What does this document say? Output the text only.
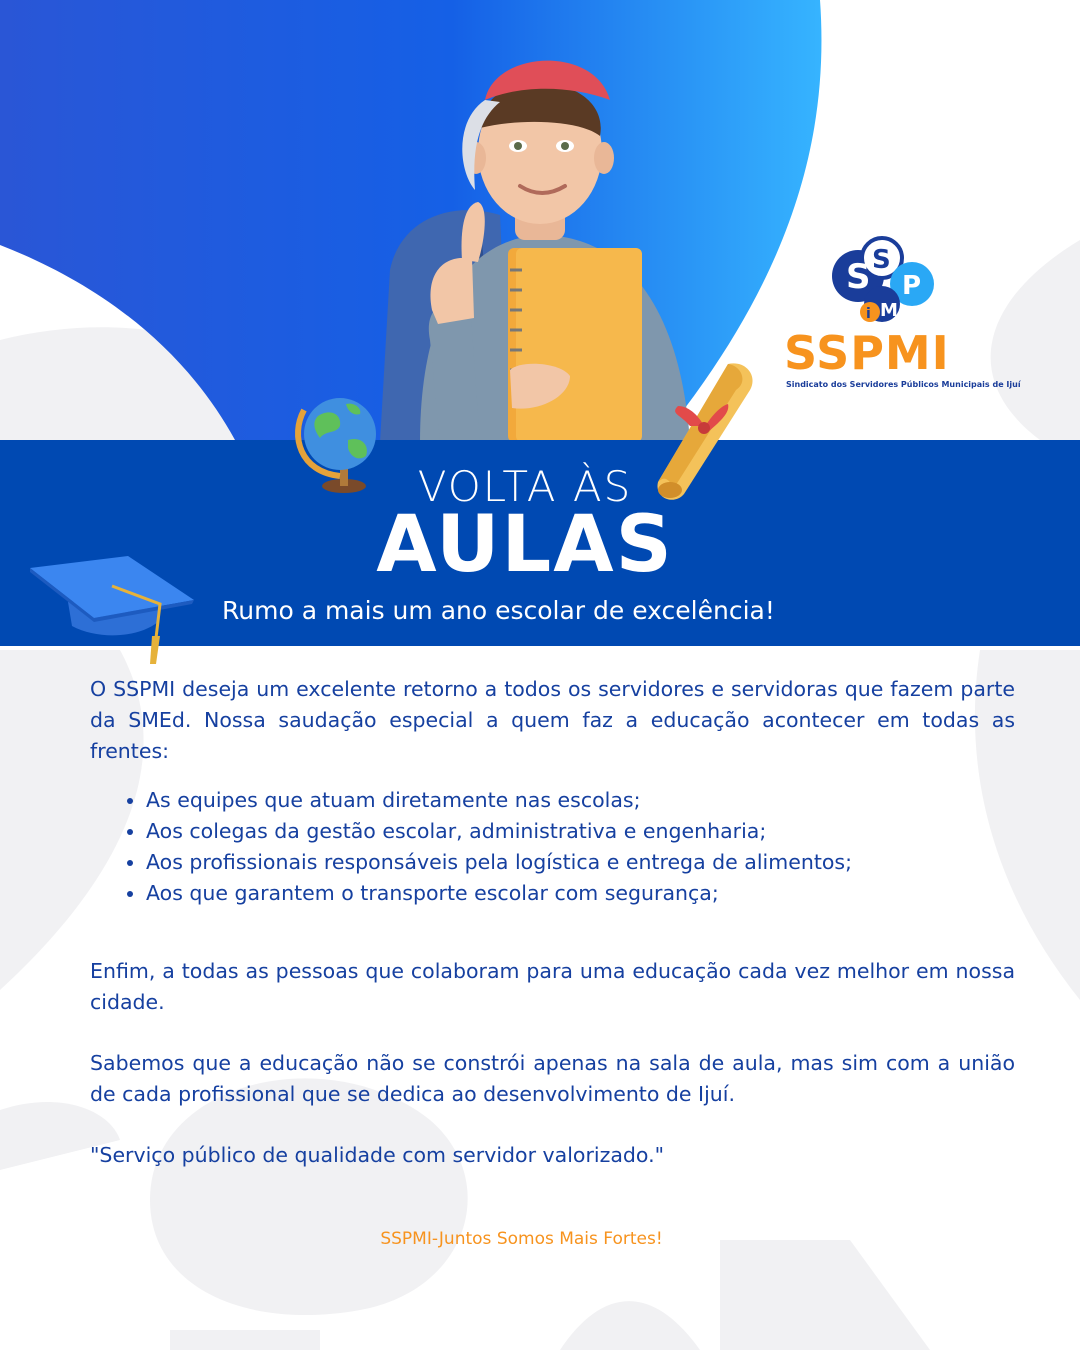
S S
P
M
i
SSPMI
Sindicato dos Servidores Públicos Municipais de Ijuí
VOLTA ÀS
AULAS
Rumo a mais um ano escolar de excelência!

O SSPMI deseja um excelente retorno a todos os servidores e servidoras que fazem parte da SMEd. Nossa saudação especial a quem faz a educação acontecer em todas as frentes:

• As equipes que atuam diretamente nas escolas;
• Aos colegas da gestão escolar, administrativa e engenharia;
• Aos profissionais responsáveis pela logística e entrega de alimentos;
• Aos que garantem o transporte escolar com segurança;

Enfim, a todas as pessoas que colaboram para uma educação cada vez melhor em nossa cidade.

Sabemos que a educação não se constrói apenas na sala de aula, mas sim com a união de cada profissional que se dedica ao desenvolvimento de Ijuí.

"Serviço público de qualidade com servidor valorizado."

SSPMI-Juntos Somos Mais Fortes!
